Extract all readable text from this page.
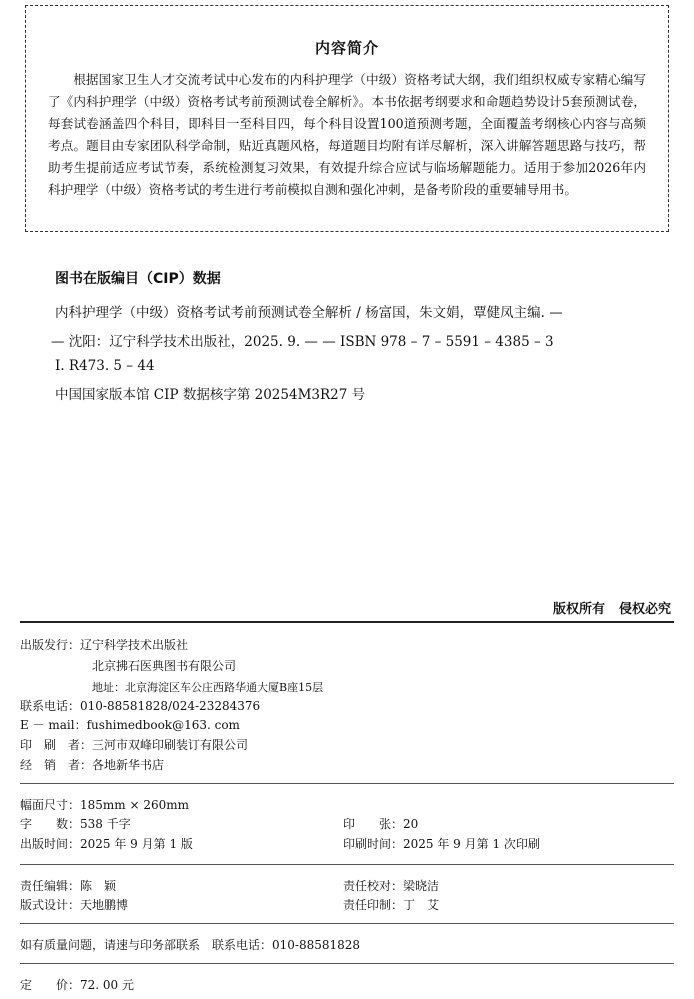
内容简介
根据国家卫生人才交流考试中心发布的内科护理学（中级）资格考试大纲，我们组织权威专家精心编写了《内科护理学（中级）资格考试考前预测试卷全解析》。本书依据考纲要求和命题趋势设计5套预测试卷，每套试卷涵盖四个科目，即科目一至科目四，每个科目设置100道预测考题，全面覆盖考纲核心内容与高频考点。题目由专家团队科学命制，贴近真题风格，每道题目均附有详尽解析，深入讲解答题思路与技巧，帮助考生提前适应考试节奏，系统检测复习效果，有效提升综合应试与临场解题能力。适用于参加2026年内科护理学（中级）资格考试的考生进行考前模拟自测和强化冲刺，是备考阶段的重要辅导用书。
图书在版编目（CIP）数据
内科护理学（中级）资格考试考前预测试卷全解析 / 杨富国，朱文娟，覃健凤主编. —
— 沈阳：辽宁科学技术出版社，2025. 9. — — ISBN 978 – 7 – 5591 – 4385 – 3
Ⅰ. R473. 5 – 44
中国国家版本馆 CIP 数据核字第 20254M3R27 号
版权所有 侵权必究
出版发行：辽宁科学技术出版社
北京拂石医典图书有限公司
地址：北京海淀区车公庄西路华通大厦B座15层
联系电话：010-88581828/024-23284376
E － mail：fushimedbook@163. com
印　刷　者：三河市双峰印刷装订有限公司
经　销　者：各地新华书店
幅面尺寸：185mm × 260mm
字　　数：538 千字	印　　张：20
出版时间：2025 年 9 月第 1 版	印刷时间：2025 年 9 月第 1 次印刷
责任编辑：陈　颖	责任校对：梁晓洁
版式设计：天地鹏博	责任印制：丁　艾
如有质量问题，请速与印务部联系　联系电话：010-88581828
定　　价：72. 00 元
